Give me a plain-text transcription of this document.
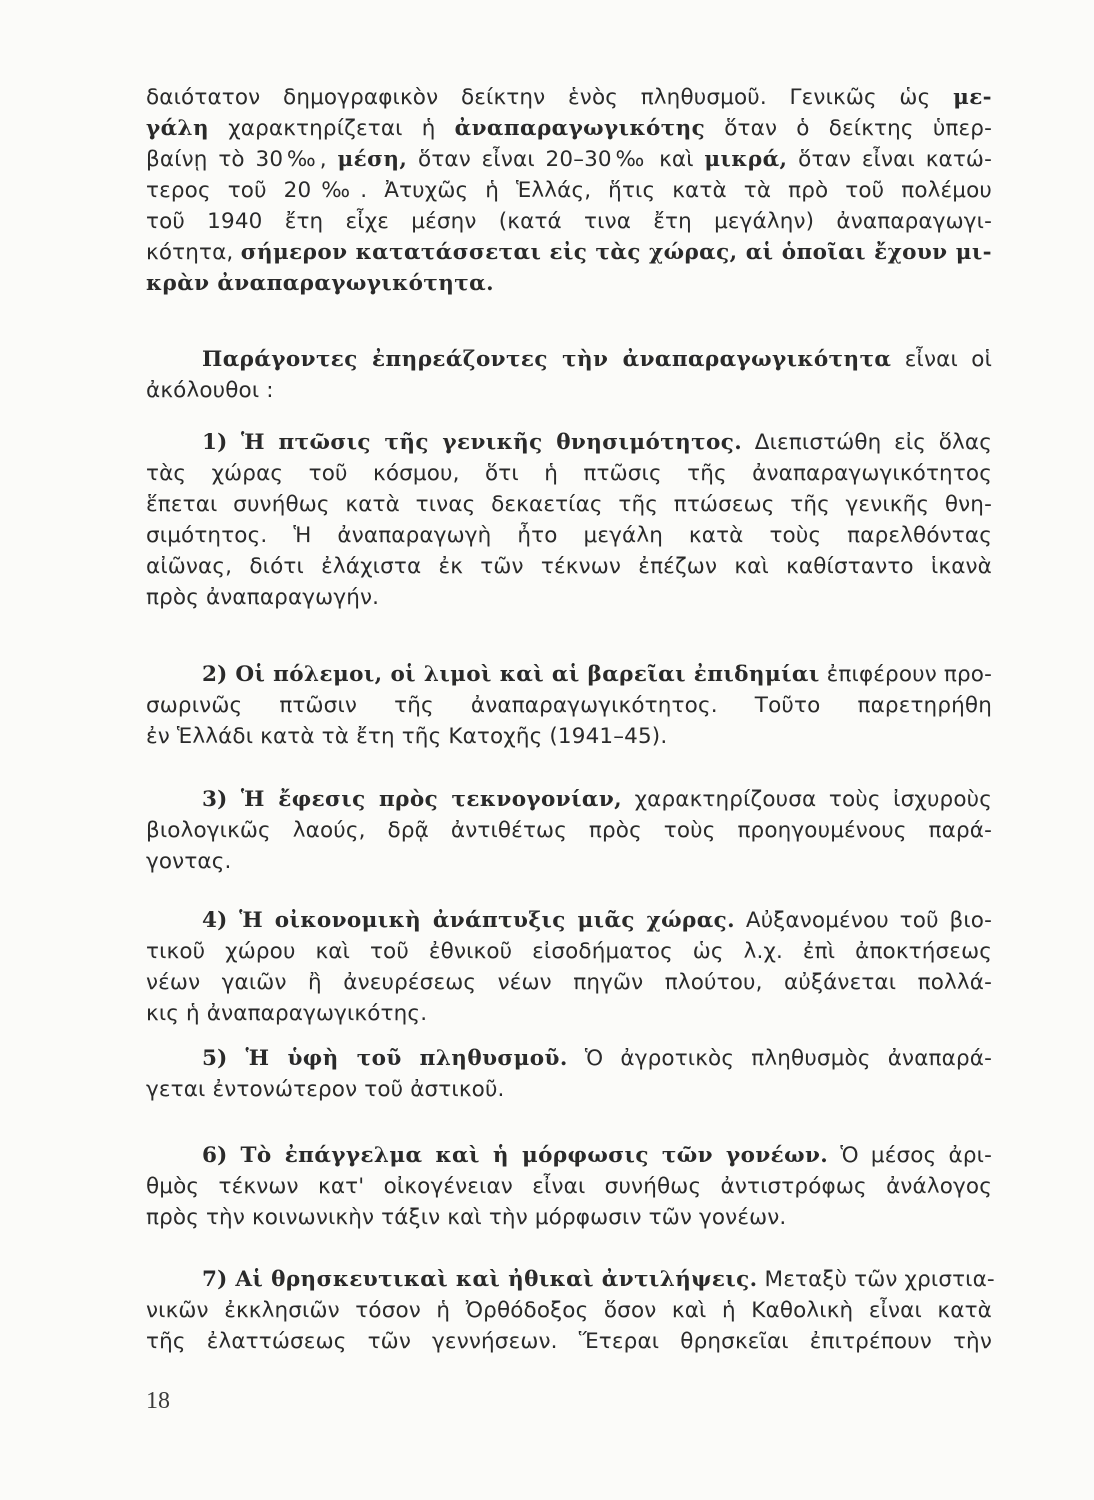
δαιότατον δημογραφικὸν δείκτην ἑνὸς πληθυσμοῦ. Γενικῶς ὡς με-
γάλη χαρακτηρίζεται ἡ ἀναπαραγωγικότης ὅταν ὁ δείκτης ὑπερ-
βαίνῃ τὸ 30‰, μέση, ὅταν εἶναι 20–30‰ καὶ μικρά, ὅταν εἶναι κατώ-
τερος τοῦ 20‰. Ἀτυχῶς ἡ Ἑλλάς, ἥτις κατὰ τὰ πρὸ τοῦ πολέμου
τοῦ 1940 ἔτη εἶχε μέσην (κατά τινα ἔτη μεγάλην) ἀναπαραγωγι-
κότητα, σήμερον κατατάσσεται εἰς τὰς χώρας, αἱ ὁποῖαι ἔχουν μι-
κρὰν ἀναπαραγωγικότητα.
Παράγοντες ἐπηρεάζοντες τὴν ἀναπαραγωγικότητα εἶναι οἱ
ἀκόλουθοι :
1) Ἡ πτῶσις τῆς γενικῆς θνησιμότητος. Διεπιστώθη εἰς ὅλας
τὰς χώρας τοῦ κόσμου, ὅτι ἡ πτῶσις τῆς ἀναπαραγωγικότητος
ἕπεται συνήθως κατὰ τινας δεκαετίας τῆς πτώσεως τῆς γενικῆς θνη-
σιμότητος. Ἡ ἀναπαραγωγὴ ἦτο μεγάλη κατὰ τοὺς παρελθόντας
αἰῶνας, διότι ἐλάχιστα ἐκ τῶν τέκνων ἐπέζων καὶ καθίσταντο ἱκανὰ
πρὸς ἀναπαραγωγήν.
2) Οἱ πόλεμοι, οἱ λιμοὶ καὶ αἱ βαρεῖαι ἐπιδημίαι ἐπιφέρουν προ-
σωρινῶς πτῶσιν τῆς ἀναπαραγωγικότητος. Τοῦτο παρετηρήθη
ἐν Ἑλλάδι κατὰ τὰ ἔτη τῆς Κατοχῆς (1941–45).
3) Ἡ ἔφεσις πρὸς τεκνογονίαν, χαρακτηρίζουσα τοὺς ἰσχυροὺς
βιολογικῶς λαούς, δρᾷ ἀντιθέτως πρὸς τοὺς προηγουμένους παρά-
γοντας.
4) Ἡ οἰκονομικὴ ἀνάπτυξις μιᾶς χώρας. Αὐξανομένου τοῦ βιο-
τικοῦ χώρου καὶ τοῦ ἐθνικοῦ εἰσοδήματος ὡς λ.χ. ἐπὶ ἀποκτήσεως
νέων γαιῶν ἢ ἀνευρέσεως νέων πηγῶν πλούτου, αὐξάνεται πολλά-
κις ἡ ἀναπαραγωγικότης.
5) Ἡ ὑφὴ τοῦ πληθυσμοῦ. Ὁ ἀγροτικὸς πληθυσμὸς ἀναπαρά-
γεται ἐντονώτερον τοῦ ἀστικοῦ.
6) Τὸ ἐπάγγελμα καὶ ἡ μόρφωσις τῶν γονέων. Ὁ μέσος ἀρι-
θμὸς τέκνων κατ' οἰκογένειαν εἶναι συνήθως ἀντιστρόφως ἀνάλογος
πρὸς τὴν κοινωνικὴν τάξιν καὶ τὴν μόρφωσιν τῶν γονέων.
7) Αἱ θρησκευτικαὶ καὶ ἠθικαὶ ἀντιλήψεις. Μεταξὺ τῶν χριστια-
νικῶν ἐκκλησιῶν τόσον ἡ Ὀρθόδοξος ὅσον καὶ ἡ Καθολικὴ εἶναι κατὰ
τῆς ἐλαττώσεως τῶν γεννήσεων. Ἕτεραι θρησκεῖαι ἐπιτρέπουν τὴν
18
